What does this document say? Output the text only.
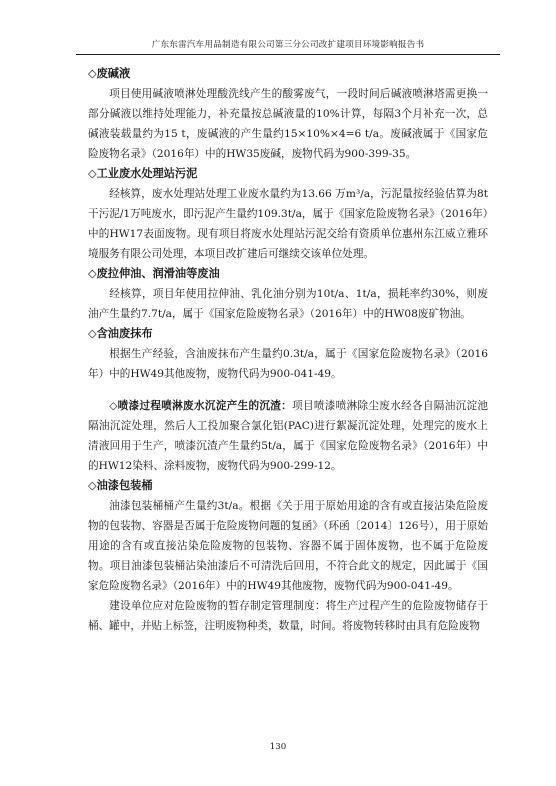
广东东雷汽车用品制造有限公司第三分公司改扩建项目环境影响报告书
◇废碱液

项目使用碱液喷淋处理酸洗线产生的酸雾废气，一段时间后碱液喷淋塔需更换一部分碱液以维持处理能力，补充量按总碱液量的10%计算，每隔3个月补充一次，总碱液装载量约为15 t，废碱液的产生量约15×10%×4=6 t/a。废碱液属于《国家危险废物名录》（2016年）中的HW35废碱，废物代码为900-399-35。

◇工业废水处理站污泥

经核算，废水处理站处理工业废水量约为13.66 万m³/a，污泥量按经验估算为8t干污泥/1万吨废水，即污泥产生量约109.3t/a，属于《国家危险废物名录》（2016年）中的HW17表面废物。现有项目将废水处理站污泥交给有资质单位惠州东江威立雅环境服务有限公司处理，本项目改扩建后可继续交该单位处理。

◇废拉伸油、润滑油等废油

经核算，项目年使用拉伸油、乳化油分别为10t/a、1t/a，损耗率约30%，则废油产生量约7.7t/a，属于《国家危险废物名录》（2016年）中的HW08废矿物油。

◇含油废抹布

根据生产经验，含油废抹布产生量约0.3t/a，属于《国家危险废物名录》（2016年）中的HW49其他废物，废物代码为900-041-49。

◇喷漆过程喷淋废水沉淀产生的沉渣：项目喷漆喷淋除尘废水经各自隔油沉淀池隔油沉淀处理，然后人工投加聚合氯化铝(PAC)进行絮凝沉淀处理，处理完的废水上清液回用于生产，喷漆沉渣产生量约5t/a，属于《国家危险废物名录》（2016年）中的HW12染料、涂料废物，废物代码为900-299-12。

◇油漆包装桶

油漆包装桶桶产生量约3t/a。根据《关于用于原始用途的含有或直接沾染危险废物的包装物、容器是否属于危险废物问题的复函》（环函〔2014〕126号），用于原始用途的含有或直接沾染危险废物的包装物、容器不属于固体废物，也不属于危险废物。项目油漆包装桶沾染油漆后不可清洗后回用，不符合此文的规定，因此属于《国家危险废物名录》（2016年）中的HW49其他废物，废物代码为900-041-49。

建设单位应对危险废物的暂存制定管理制度：将生产过程产生的危险废物储存于桶、罐中，并贴上标签，注明废物种类，数量，时间。将废物转移时由具有危险废物

130
